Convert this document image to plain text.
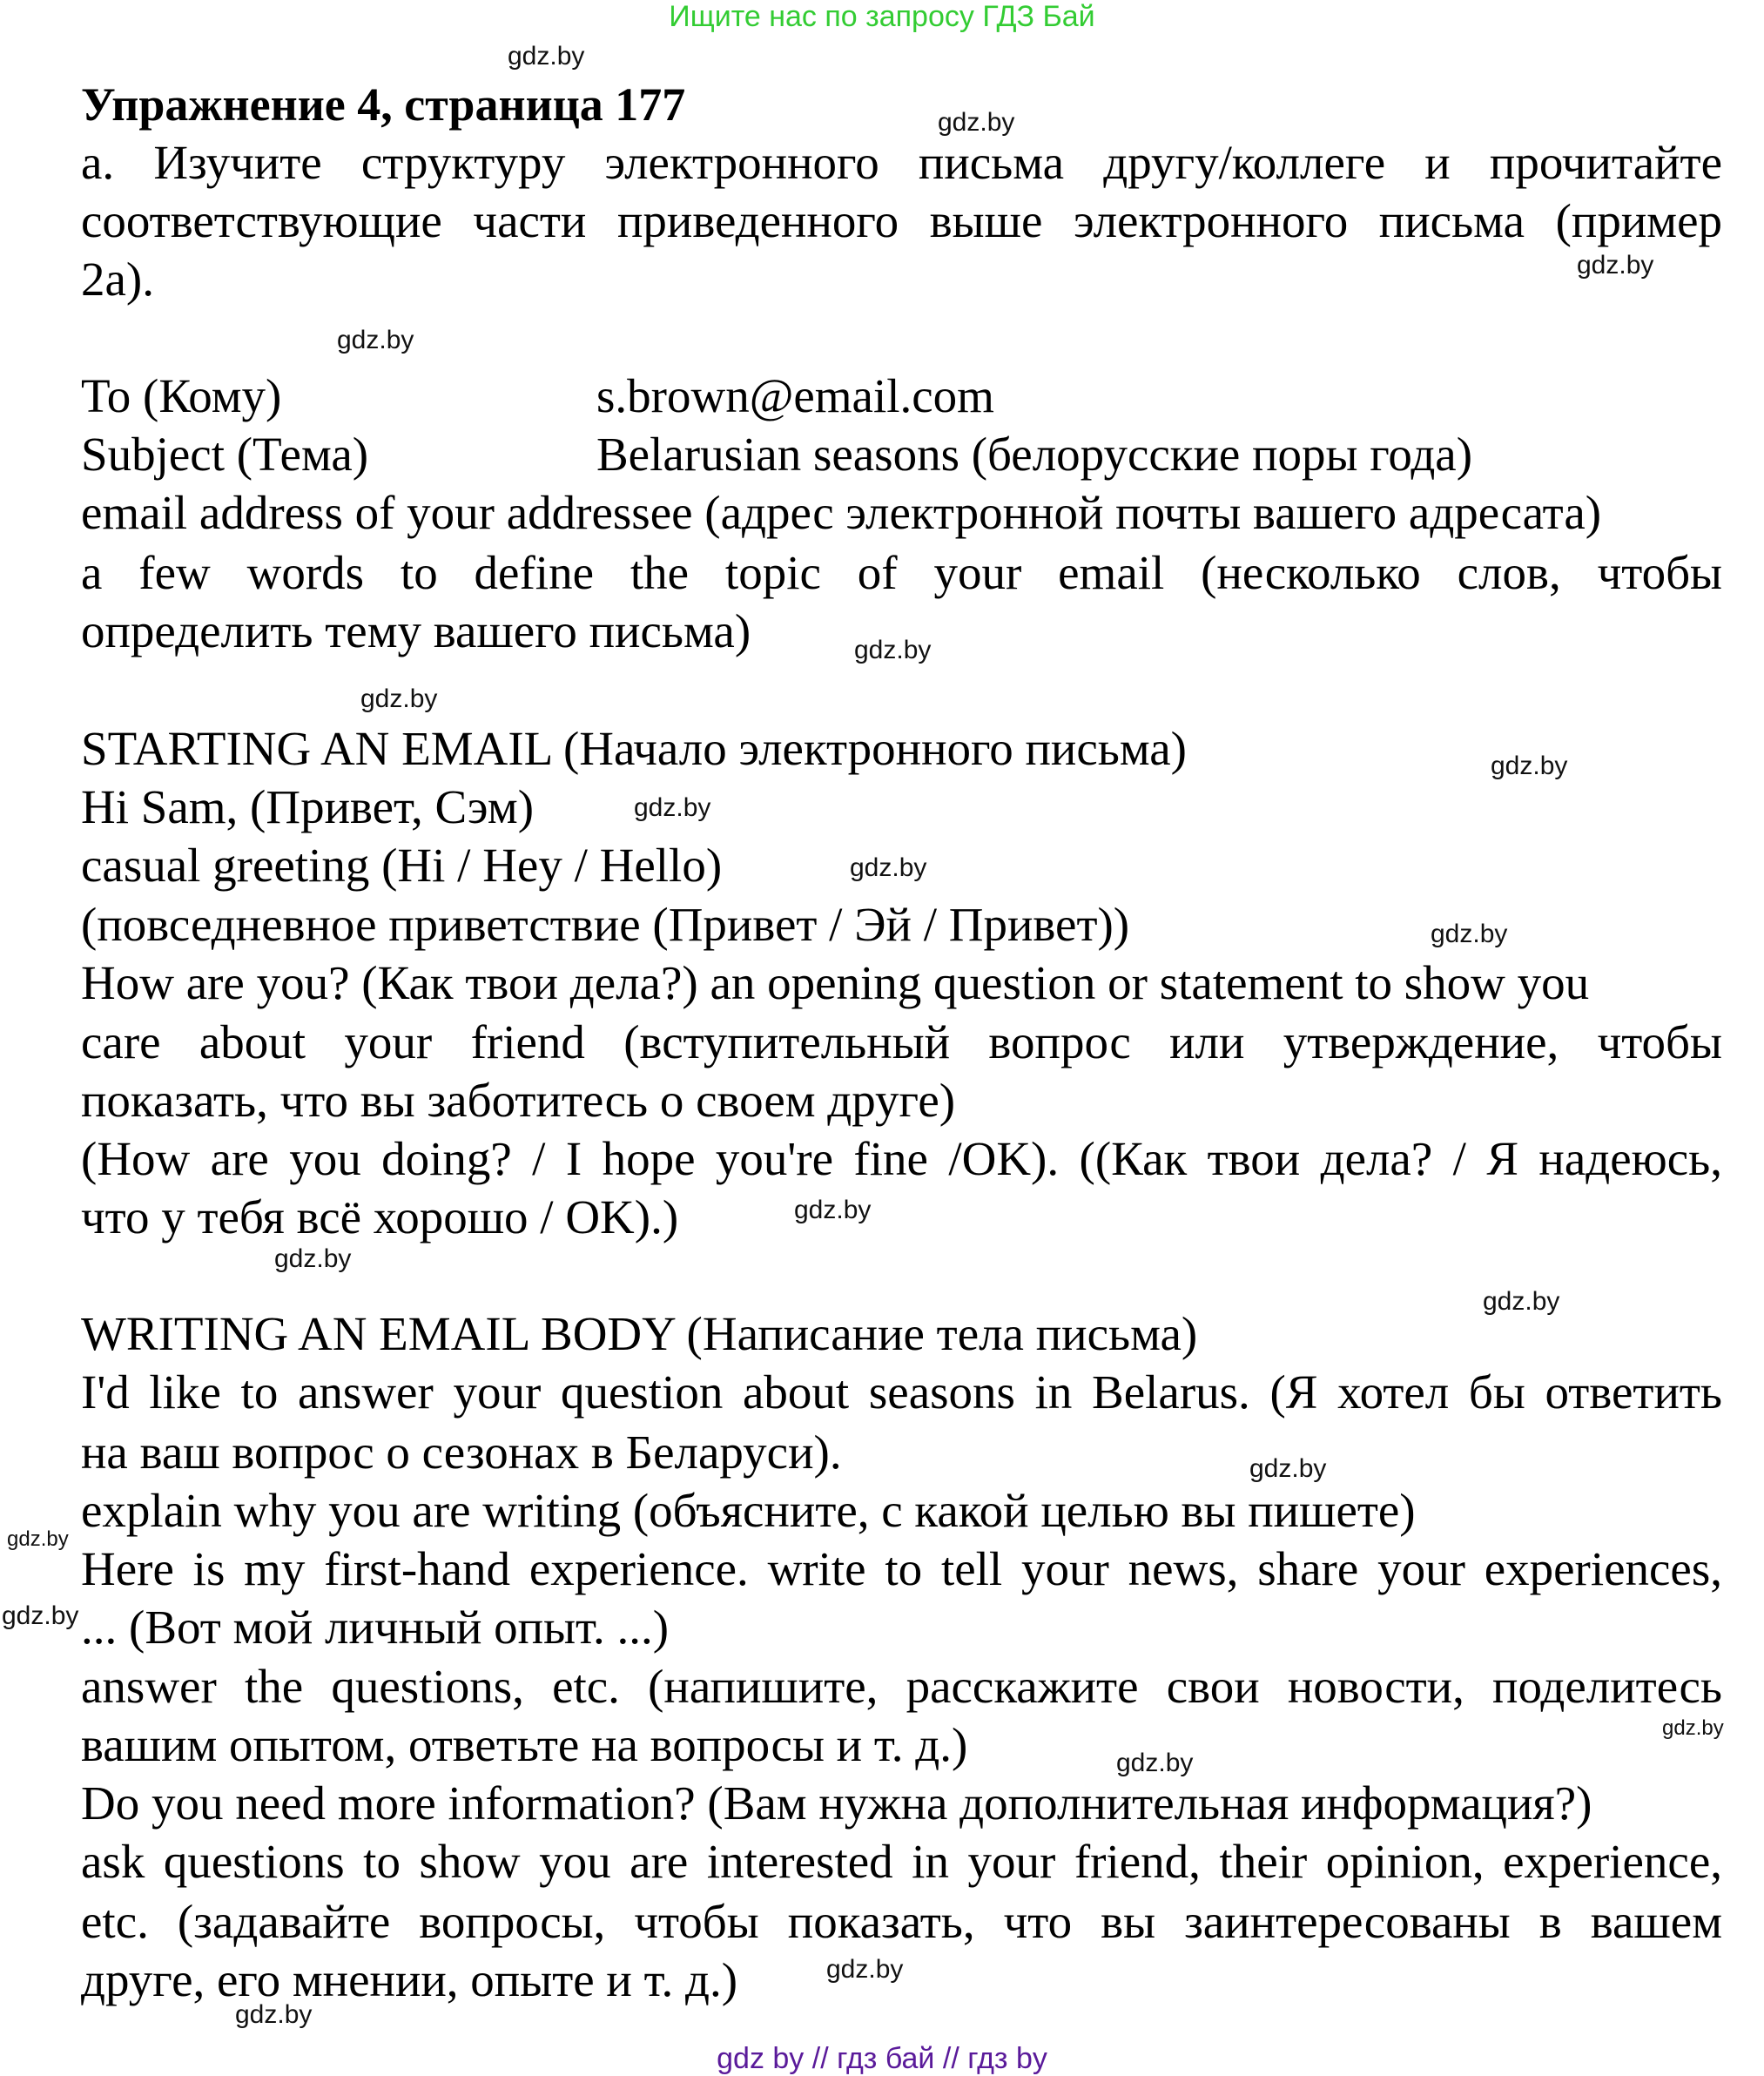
Ищите нас по запросу ГДЗ Бай
Упражнение 4, страница 177
a. Изучите структуру электронного письма другу/коллеге и прочитайте
соответствующие части приведенного выше электронного письма (пример
2a).
To (Кому)	s.brown@email.com
Subject (Тема)	Belarusian seasons (белорусские поры года)
email address of your addressee (адрес электронной почты вашего адресата)
a few words to define the topic of your email (несколько слов, чтобы
определить тему вашего письма)
STARTING AN EMAIL (Начало электронного письма)
Hi Sam, (Привет, Сэм)
casual greeting (Hi / Hey / Hello)
(повседневное приветствие (Привет / Эй / Привет))
How are you? (Как твои дела?) an opening question or statement to show you
care about your friend (вступительный вопрос или утверждение, чтобы
показать, что вы заботитесь о своем друге)
(How are you doing? / I hope you're fine /OK). ((Как твои дела? / Я надеюсь,
что у тебя всё хорошо / OK).)
WRITING AN EMAIL BODY (Написание тела письма)
I'd like to answer your question about seasons in Belarus. (Я хотел бы ответить
на ваш вопрос о сезонах в Беларуси).
explain why you are writing (объясните, с какой целью вы пишете)
Here is my first-hand experience. write to tell your news, share your experiences,
... (Вот мой личный опыт. ...)
answer the questions, etc. (напишите, расскажите свои новости, поделитесь
вашим опытом, ответьте на вопросы и т. д.)
Do you need more information? (Вам нужна дополнительная информация?)
ask questions to show you are interested in your friend, their opinion, experience,
etc. (задавайте вопросы, чтобы показать, что вы заинтересованы в вашем
друге, его мнении, опыте и т. д.)
gdz.by
gdz.by
gdz.by
gdz.by
gdz.by
gdz.by
gdz.by
gdz.by
gdz.by
gdz.by
gdz.by
gdz.by
gdz.by
gdz.by
gdz.by
gdz.by
gdz.by
gdz.by
gdz.by
gdz.by
gdz by // гдз бай // гдз by
